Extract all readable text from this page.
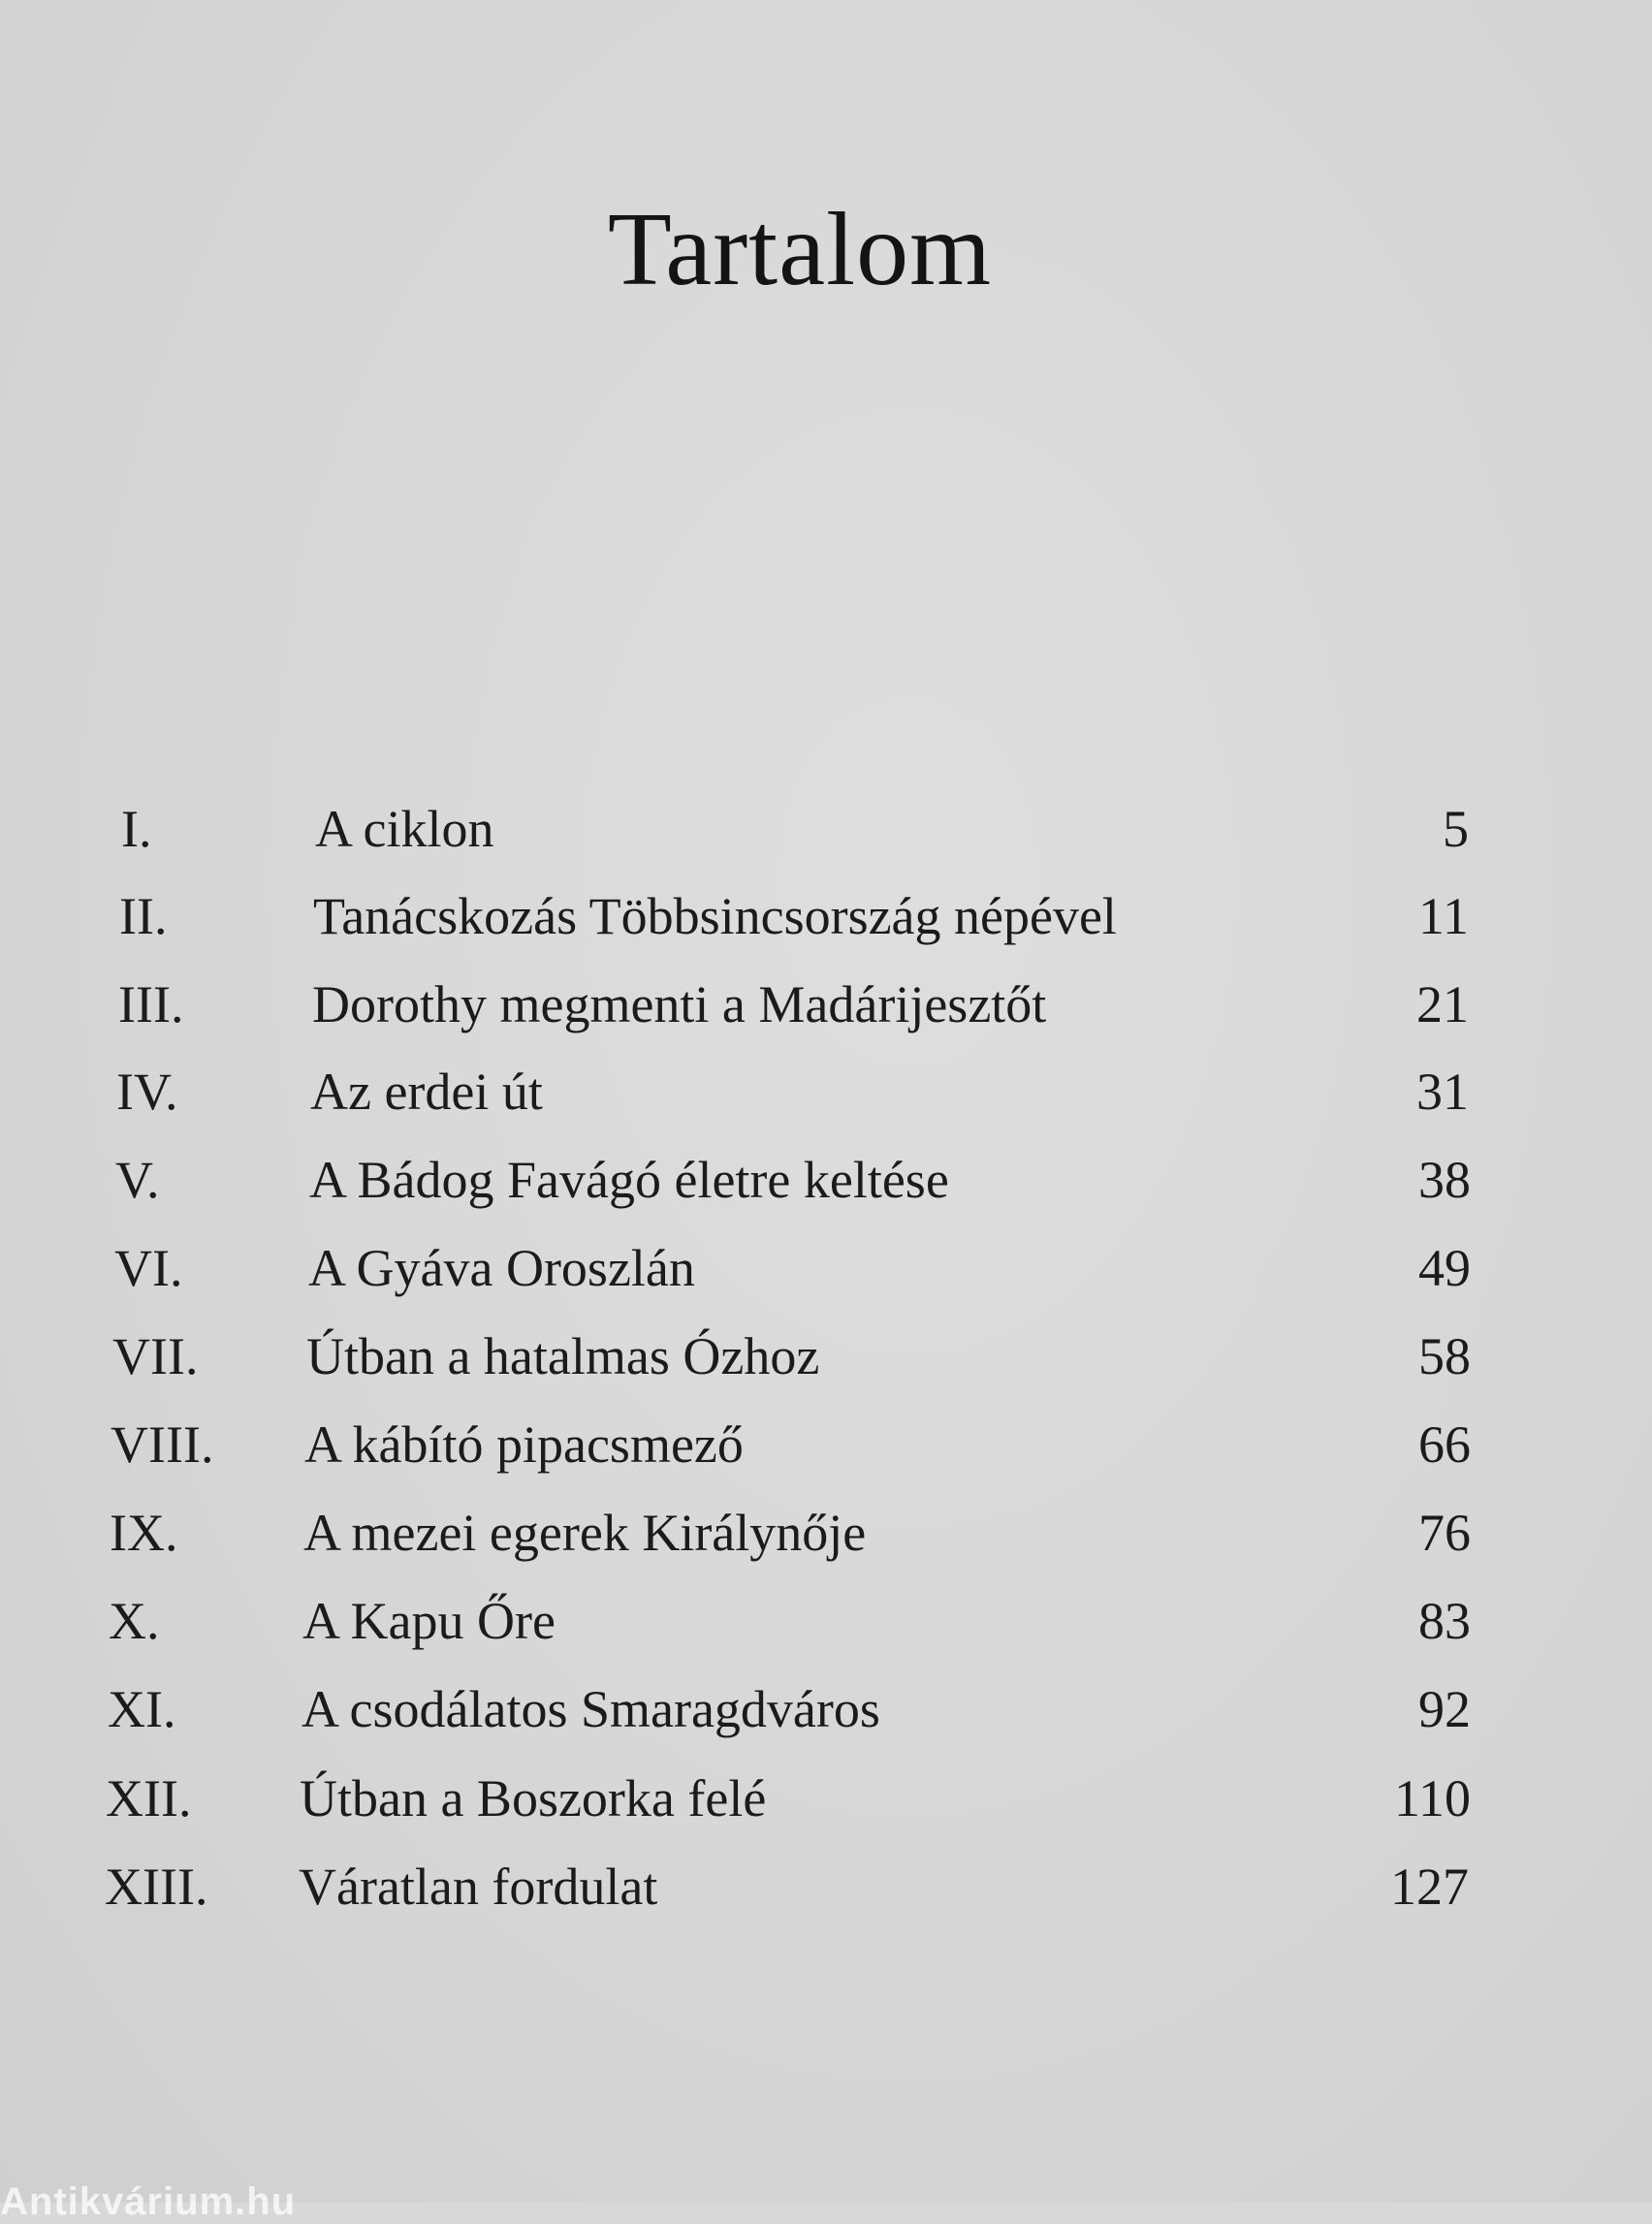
Tartalom
I.	A ciklon	5
II.	Tanácskozás Többsincsország népével	11
III. Dorothy megmenti a Madárijesztőt	21
IV.	Az erdei út	31
V.	A Bádog Favágó életre keltése	38
VI. A Gyáva Oroszlán	49
VII. Útban a hatalmas Ózhoz	58
VIII. A kábító pipacsmező	66
IX. A mezei egerek Királynője	76
X.	A Kapu Őre	83
XI. A csodálatos Smaragdváros	92
XII. Útban a Boszorka felé	110
XIII. Váratlan fordulat	127
Antikvárium.hu
